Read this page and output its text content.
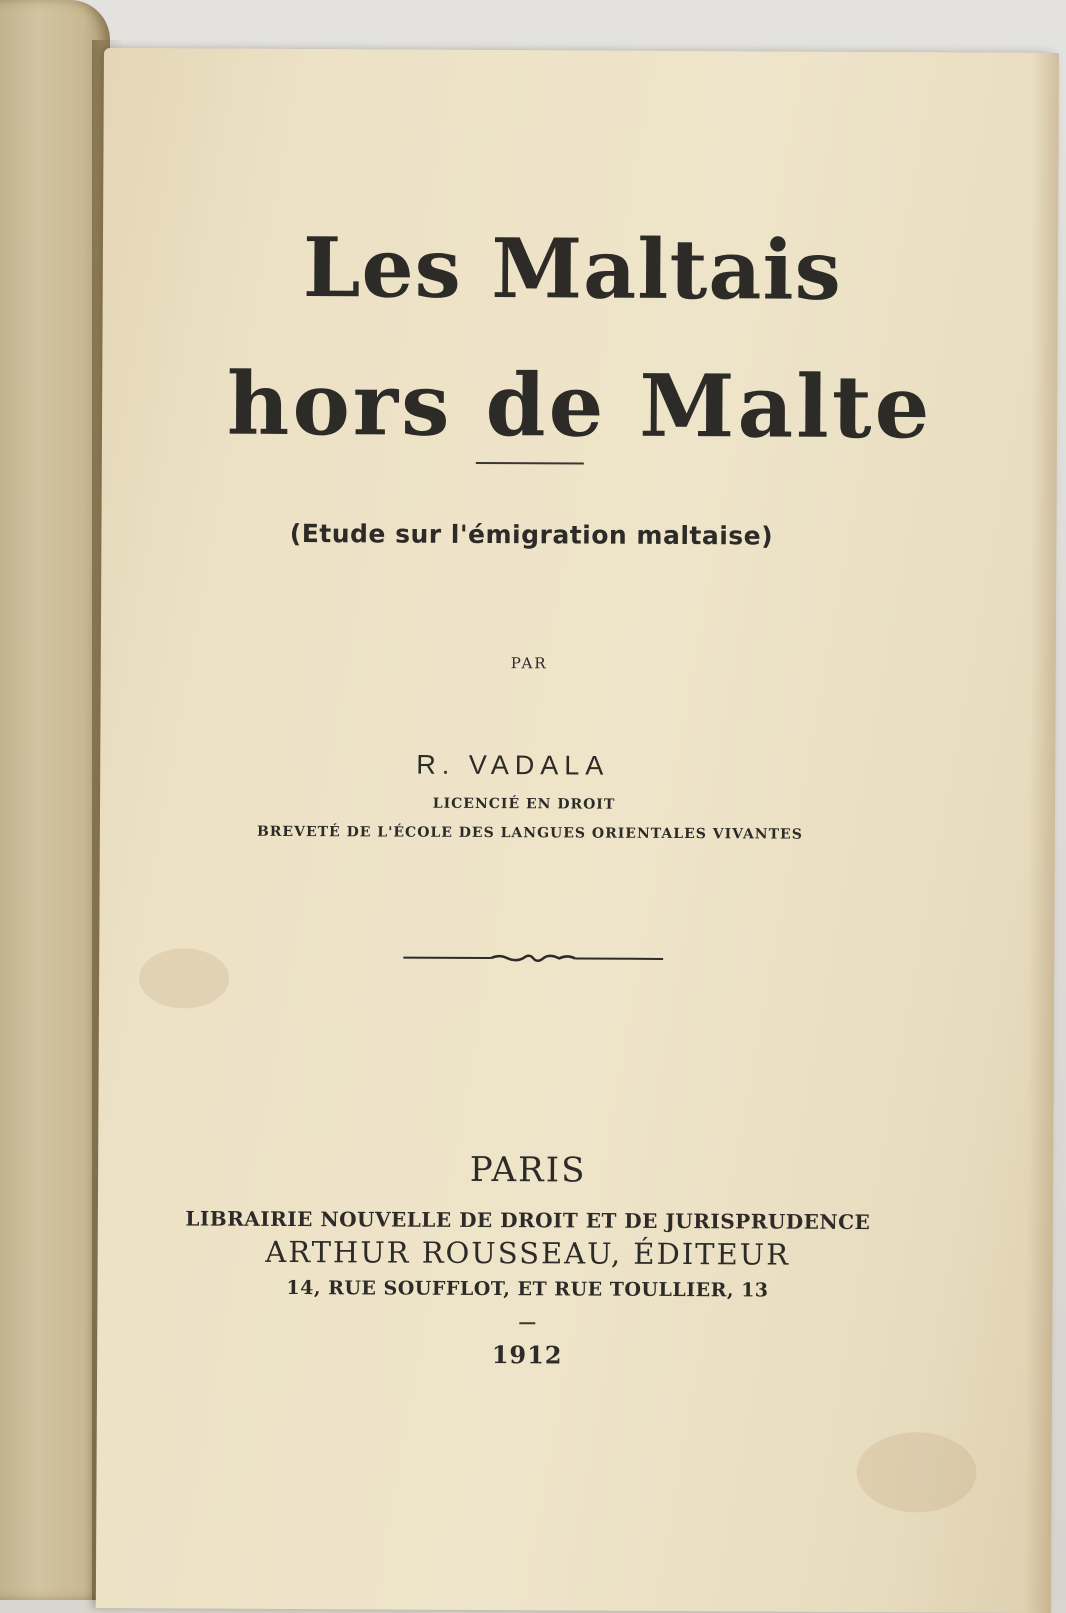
Les Maltais
hors de Malte
(Etude sur l'émigration maltaise)
PAR
R. VADALA
LICENCIÉ EN DROIT
BREVETÉ DE L'ÉCOLE DES LANGUES ORIENTALES VIVANTES
PARIS
LIBRAIRIE NOUVELLE DE DROIT ET DE JURISPRUDENCE
ARTHUR ROUSSEAU, ÉDITEUR
14, RUE SOUFFLOT, ET RUE TOULLIER, 13
1912
